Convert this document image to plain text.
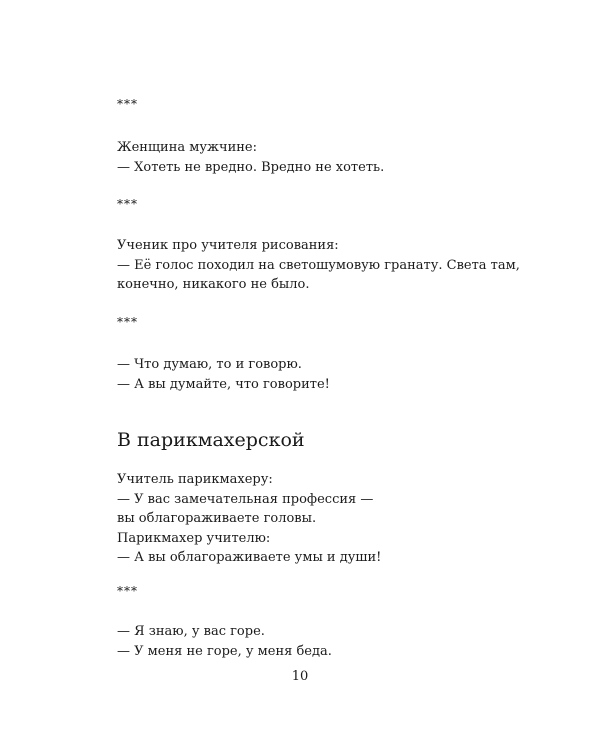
***
Женщина мужчине:
— Хотеть не вредно. Вредно не хотеть.
***
Ученик про учителя рисования:
— Её голос походил на светошумовую гранату. Света там,
конечно, никакого не было.
***
— Что думаю, то и говорю.
— А вы думайте, что говорите!
В парикмахерской
Учитель парикмахеру:
— У вас замечательная профессия —
вы облагораживаете головы.
Парикмахер учителю:
— А вы облагораживаете умы и души!
***
— Я знаю, у вас горе.
— У меня не горе, у меня беда.
10
